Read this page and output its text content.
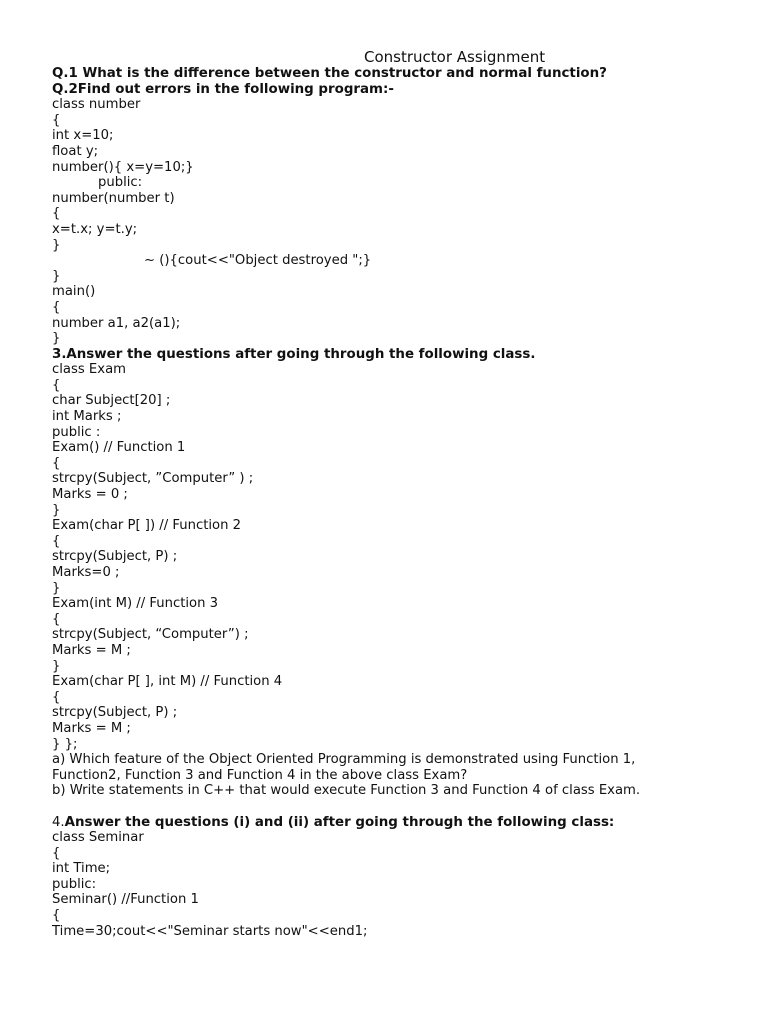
Constructor Assignment
Q.1 What is the difference between the constructor and normal function?
Q.2Find out errors in the following program:-
class number
{
int x=10;
float y;
number(){ x=y=10;}
public:
number(number t)
{
x=t.x; y=t.y;
}
~ (){cout<<"Object destroyed ";}
}
main()
{
number a1, a2(a1);
}
3.Answer the questions after going through the following class.
class Exam
{
char Subject[20] ;
int Marks ;
public :
Exam() // Function 1
{
strcpy(Subject, ”Computer” ) ;
Marks = 0 ;
}
Exam(char P[ ]) // Function 2
{
strcpy(Subject, P) ;
Marks=0 ;
}
Exam(int M) // Function 3
{
strcpy(Subject, “Computer”) ;
Marks = M ;
}
Exam(char P[ ], int M) // Function 4
{
strcpy(Subject, P) ;
Marks = M ;
} };
a) Which feature of the Object Oriented Programming is demonstrated using Function 1,
Function2, Function 3 and Function 4 in the above class Exam?
b) Write statements in C++ that would execute Function 3 and Function 4 of class Exam.
4.Answer the questions (i) and (ii) after going through the following class:
class Seminar
{
int Time;
public:
Seminar() //Function 1
{
Time=30;cout<<"Seminar starts now"<<end1;
